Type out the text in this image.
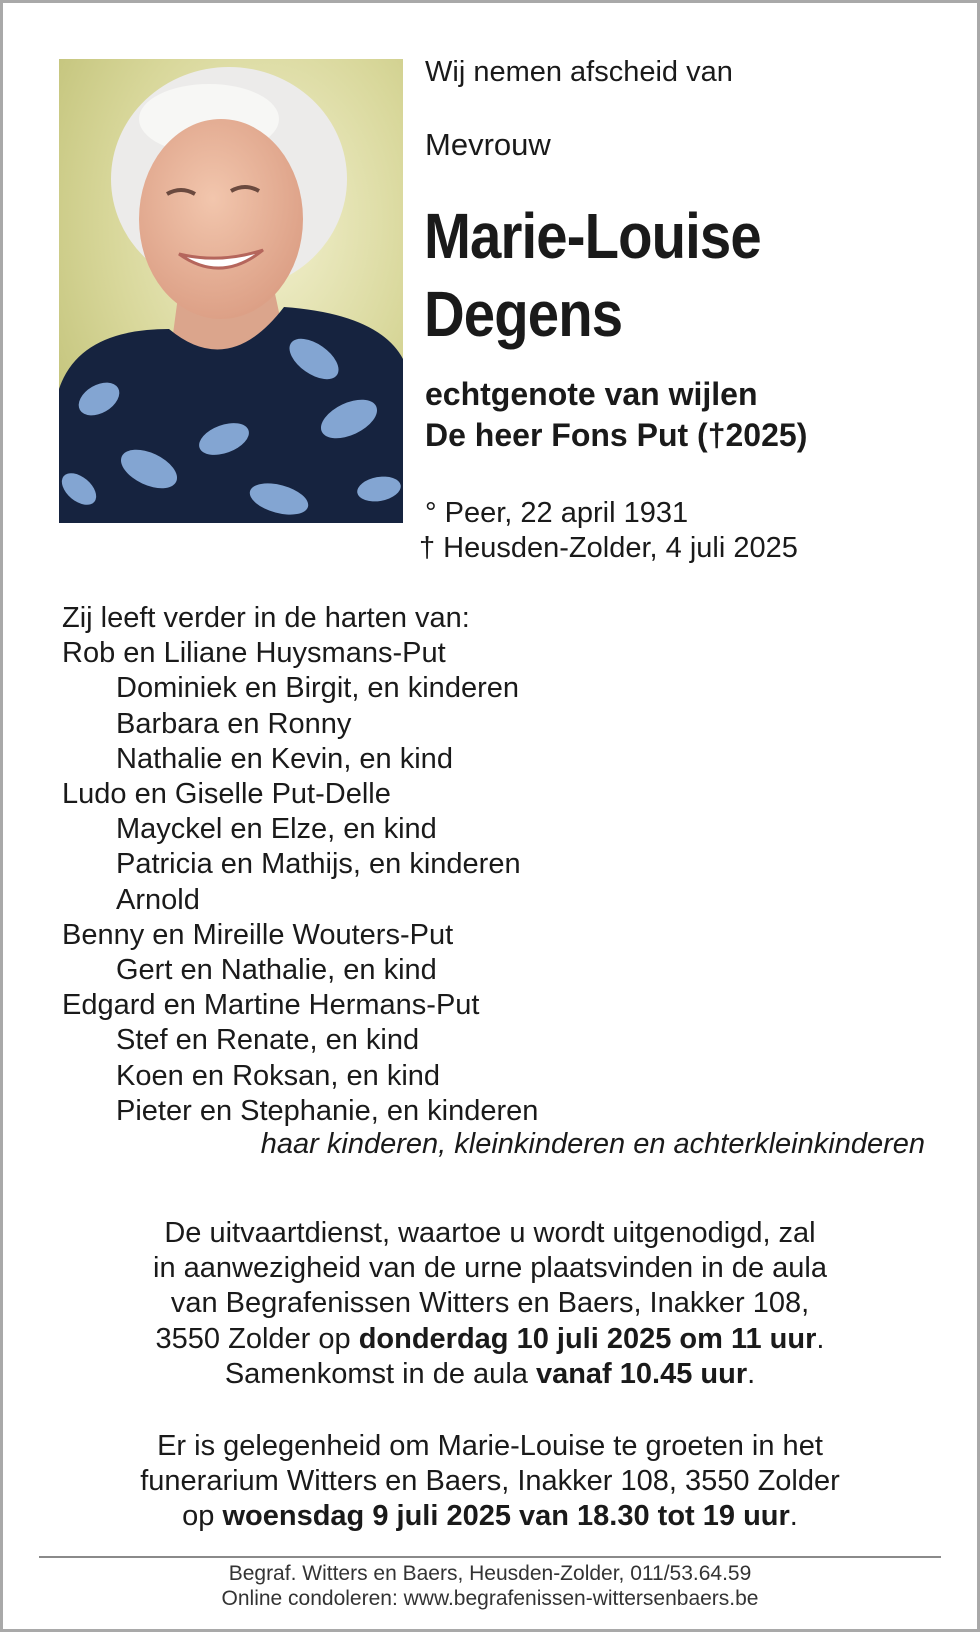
Wij nemen afscheid van
Mevrouw
Marie-Louise
Degens
echtgenote van wijlen
De heer Fons Put (†2025)
° Peer, 22 april 1931
† Heusden-Zolder, 4 juli 2025
Zij leeft verder in de harten van:
Rob en Liliane Huysmans-Put
Dominiek en Birgit, en kinderen
Barbara en Ronny
Nathalie en Kevin, en kind
Ludo en Giselle Put-Delle
Mayckel en Elze, en kind
Patricia en Mathijs, en kinderen
Arnold
Benny en Mireille Wouters-Put
Gert en Nathalie, en kind
Edgard en Martine Hermans-Put
Stef en Renate, en kind
Koen en Roksan, en kind
Pieter en Stephanie, en kinderen
haar kinderen, kleinkinderen en achterkleinkinderen
De uitvaartdienst, waartoe u wordt uitgenodigd, zal
in aanwezigheid van de urne plaatsvinden in de aula
van Begrafenissen Witters en Baers, Inakker 108,
3550 Zolder op donderdag 10 juli 2025 om 11 uur.
Samenkomst in de aula vanaf 10.45 uur.
Er is gelegenheid om Marie-Louise te groeten in het
funerarium Witters en Baers, Inakker 108, 3550 Zolder
op woensdag 9 juli 2025 van 18.30 tot 19 uur.
Begraf. Witters en Baers, Heusden-Zolder, 011/53.64.59
Online condoleren: www.begrafenissen-wittersenbaers.be
